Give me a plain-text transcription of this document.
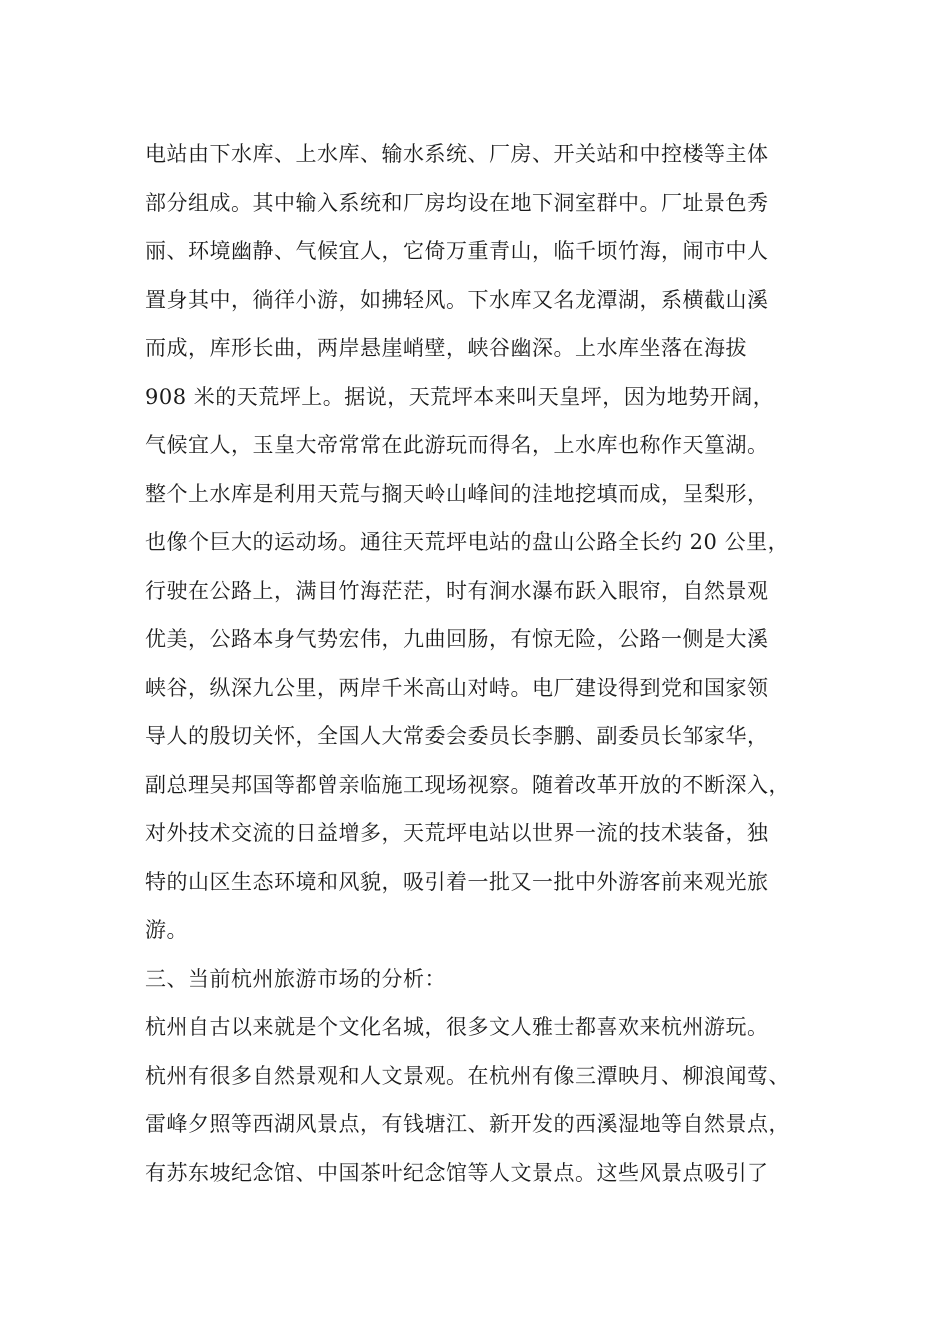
电站由下水库、上水库、输水系统、厂房、开关站和中控楼等主体
部分组成。其中输入系统和厂房均设在地下洞室群中。厂址景色秀
丽、环境幽静、气候宜人，它倚万重青山，临千顷竹海，闹市中人
置身其中，徜徉小游，如拂轻风。下水库又名龙潭湖，系横截山溪
而成，库形长曲，两岸悬崖峭壁，峡谷幽深。上水库坐落在海拔
908 米的天荒坪上。据说，天荒坪本来叫天皇坪，因为地势开阔，
气候宜人，玉皇大帝常常在此游玩而得名，上水库也称作天篁湖。
整个上水库是利用天荒与搁天岭山峰间的洼地挖填而成，呈梨形，
也像个巨大的运动场。通往天荒坪电站的盘山公路全长约 20 公里，
行驶在公路上，满目竹海茫茫，时有涧水瀑布跃入眼帘，自然景观
优美，公路本身气势宏伟，九曲回肠，有惊无险，公路一侧是大溪
峡谷，纵深九公里，两岸千米高山对峙。电厂建设得到党和国家领
导人的殷切关怀，全国人大常委会委员长李鹏、副委员长邹家华，
副总理吴邦国等都曾亲临施工现场视察。随着改革开放的不断深入，
对外技术交流的日益增多，天荒坪电站以世界一流的技术装备，独
特的山区生态环境和风貌，吸引着一批又一批中外游客前来观光旅
游。
三、当前杭州旅游市场的分析：
杭州自古以来就是个文化名城，很多文人雅士都喜欢来杭州游玩。
杭州有很多自然景观和人文景观。在杭州有像三潭映月、柳浪闻莺、
雷峰夕照等西湖风景点，有钱塘江、新开发的西溪湿地等自然景点，
有苏东坡纪念馆、中国茶叶纪念馆等人文景点。这些风景点吸引了
